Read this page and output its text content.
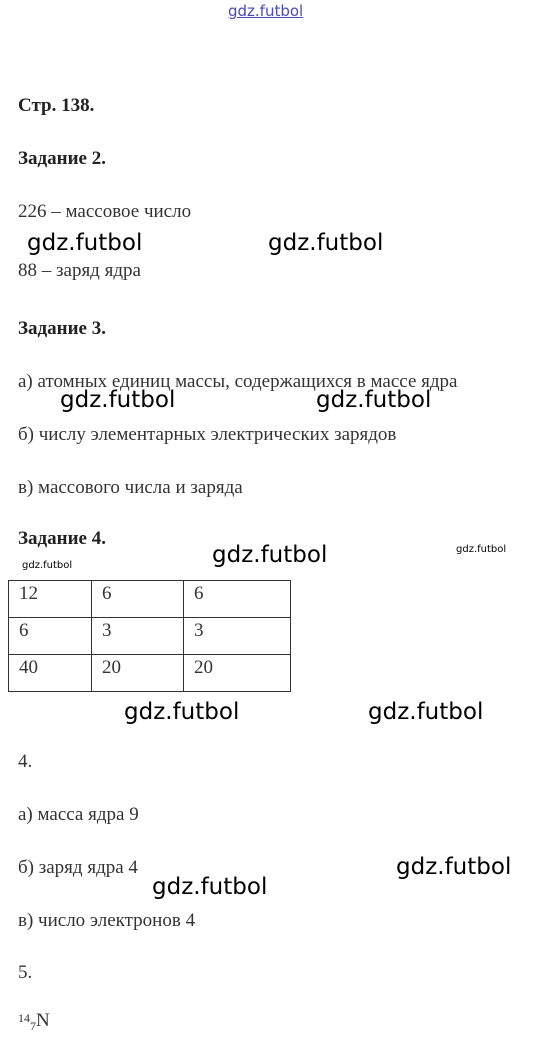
gdz.futbol
Стр. 138.
Задание 2.
226 – массовое число
88 – заряд ядра
Задание 3.
а) атомных единиц массы, содержащихся в массе ядра
б) числу элементарных электрических зарядов
в) массового числа и заряда
Задание 4.
12	6	6
6	3	3
40	20	20
4.
а) масса ядра 9
б) заряд ядра 4
в) число электронов 4
5.
$^{14}_7$N
gdz.futbol	gdz.futbol
gdz.futbol	gdz.futbol
gdz.futbol	gdz.futbol
gdz.futbol
gdz.futbol	gdz.futbol
gdz.futbol
gdz.futbol
